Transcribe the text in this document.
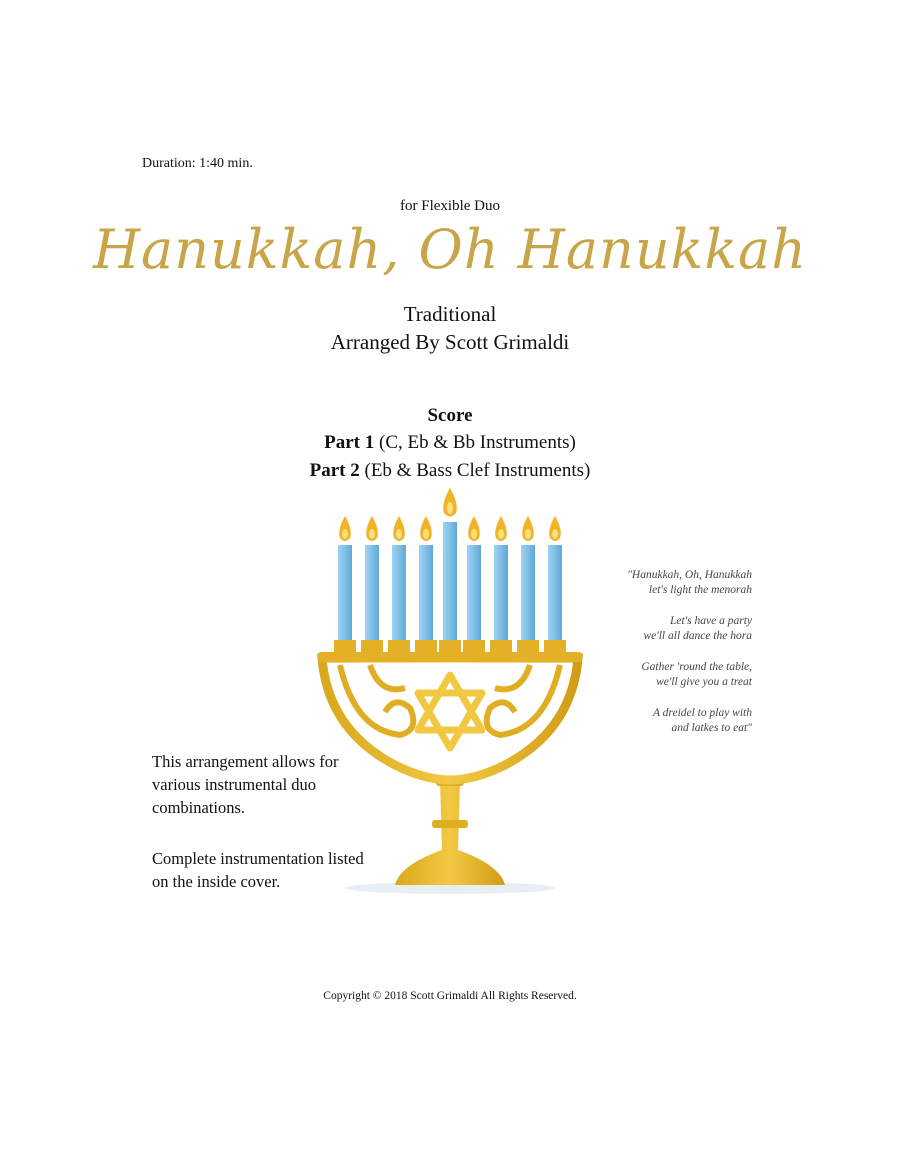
Duration: 1:40 min.
for Flexible Duo
Hanukkah, Oh Hanukkah
Traditional
Arranged By Scott Grimaldi
Score
Part 1 (C, Eb & Bb Instruments)
Part 2 (Eb & Bass Clef Instruments)

"Hanukkah, Oh, Hanukkah
let's light the menorah

Let's have a party
we'll all dance the hora

Gather 'round the table,
we'll give you a treat

A dreidel to play with
and latkes to eat"

This arrangement allows for various instrumental duo combinations.
Complete instrumentation listed on the inside cover.
Copyright © 2018 Scott Grimaldi All Rights Reserved.
